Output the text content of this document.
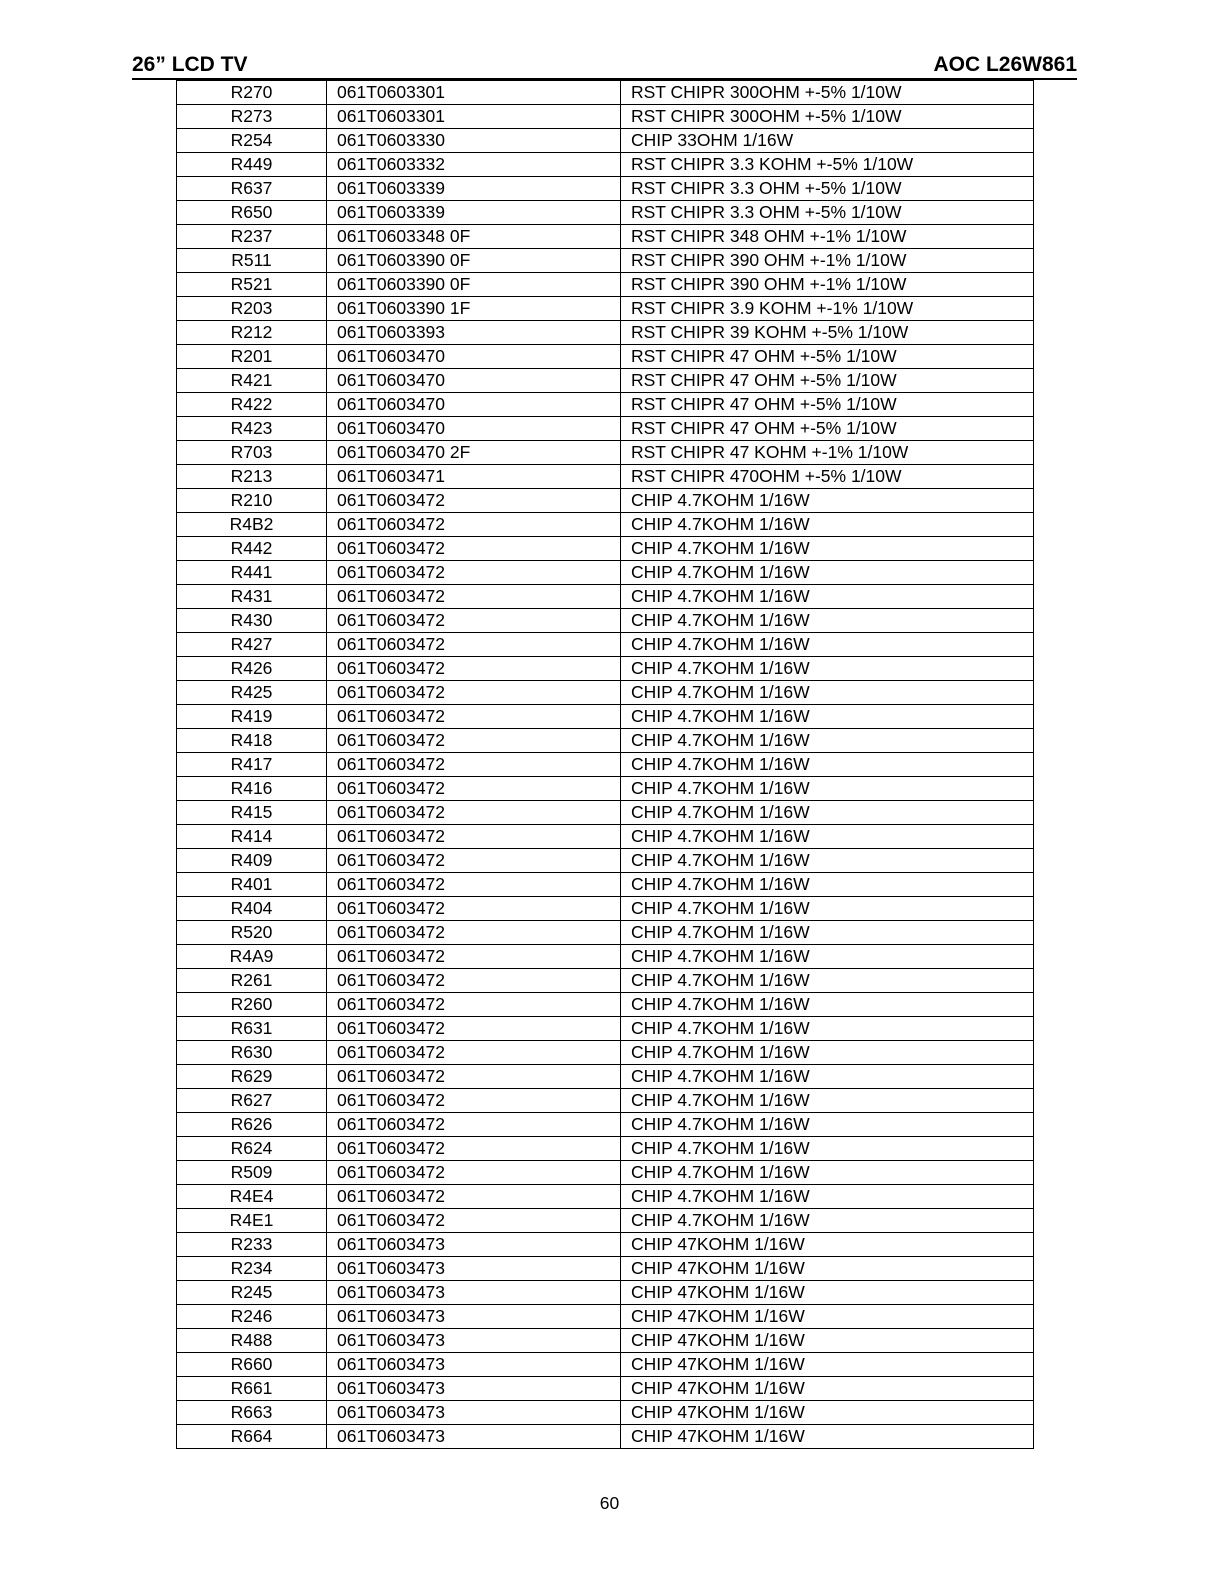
26” LCD TV	AOC L26W861
R270	061T0603301	RST CHIPR 300OHM +-5% 1/10W
R273	061T0603301	RST CHIPR 300OHM +-5% 1/10W
R254	061T0603330	CHIP 33OHM 1/16W
R449	061T0603332	RST CHIPR 3.3 KOHM +-5% 1/10W
R637	061T0603339	RST CHIPR 3.3 OHM +-5% 1/10W
R650	061T0603339	RST CHIPR 3.3 OHM +-5% 1/10W
R237	061T0603348 0F	RST CHIPR 348 OHM +-1% 1/10W
R511	061T0603390 0F	RST CHIPR 390 OHM +-1% 1/10W
R521	061T0603390 0F	RST CHIPR 390 OHM +-1% 1/10W
R203	061T0603390 1F	RST CHIPR 3.9 KOHM +-1% 1/10W
R212	061T0603393	RST CHIPR 39 KOHM +-5% 1/10W
R201	061T0603470	RST CHIPR 47 OHM +-5% 1/10W
R421	061T0603470	RST CHIPR 47 OHM +-5% 1/10W
R422	061T0603470	RST CHIPR 47 OHM +-5% 1/10W
R423	061T0603470	RST CHIPR 47 OHM +-5% 1/10W
R703	061T0603470 2F	RST CHIPR 47 KOHM +-1% 1/10W
R213	061T0603471	RST CHIPR 470OHM +-5% 1/10W
R210	061T0603472	CHIP 4.7KOHM 1/16W
R4B2	061T0603472	CHIP 4.7KOHM 1/16W
R442	061T0603472	CHIP 4.7KOHM 1/16W
R441	061T0603472	CHIP 4.7KOHM 1/16W
R431	061T0603472	CHIP 4.7KOHM 1/16W
R430	061T0603472	CHIP 4.7KOHM 1/16W
R427	061T0603472	CHIP 4.7KOHM 1/16W
R426	061T0603472	CHIP 4.7KOHM 1/16W
R425	061T0603472	CHIP 4.7KOHM 1/16W
R419	061T0603472	CHIP 4.7KOHM 1/16W
R418	061T0603472	CHIP 4.7KOHM 1/16W
R417	061T0603472	CHIP 4.7KOHM 1/16W
R416	061T0603472	CHIP 4.7KOHM 1/16W
R415	061T0603472	CHIP 4.7KOHM 1/16W
R414	061T0603472	CHIP 4.7KOHM 1/16W
R409	061T0603472	CHIP 4.7KOHM 1/16W
R401	061T0603472	CHIP 4.7KOHM 1/16W
R404	061T0603472	CHIP 4.7KOHM 1/16W
R520	061T0603472	CHIP 4.7KOHM 1/16W
R4A9	061T0603472	CHIP 4.7KOHM 1/16W
R261	061T0603472	CHIP 4.7KOHM 1/16W
R260	061T0603472	CHIP 4.7KOHM 1/16W
R631	061T0603472	CHIP 4.7KOHM 1/16W
R630	061T0603472	CHIP 4.7KOHM 1/16W
R629	061T0603472	CHIP 4.7KOHM 1/16W
R627	061T0603472	CHIP 4.7KOHM 1/16W
R626	061T0603472	CHIP 4.7KOHM 1/16W
R624	061T0603472	CHIP 4.7KOHM 1/16W
R509	061T0603472	CHIP 4.7KOHM 1/16W
R4E4	061T0603472	CHIP 4.7KOHM 1/16W
R4E1	061T0603472	CHIP 4.7KOHM 1/16W
R233	061T0603473	CHIP 47KOHM 1/16W
R234	061T0603473	CHIP 47KOHM 1/16W
R245	061T0603473	CHIP 47KOHM 1/16W
R246	061T0603473	CHIP 47KOHM 1/16W
R488	061T0603473	CHIP 47KOHM 1/16W
R660	061T0603473	CHIP 47KOHM 1/16W
R661	061T0603473	CHIP 47KOHM 1/16W
R663	061T0603473	CHIP 47KOHM 1/16W
R664	061T0603473	CHIP 47KOHM 1/16W
60
